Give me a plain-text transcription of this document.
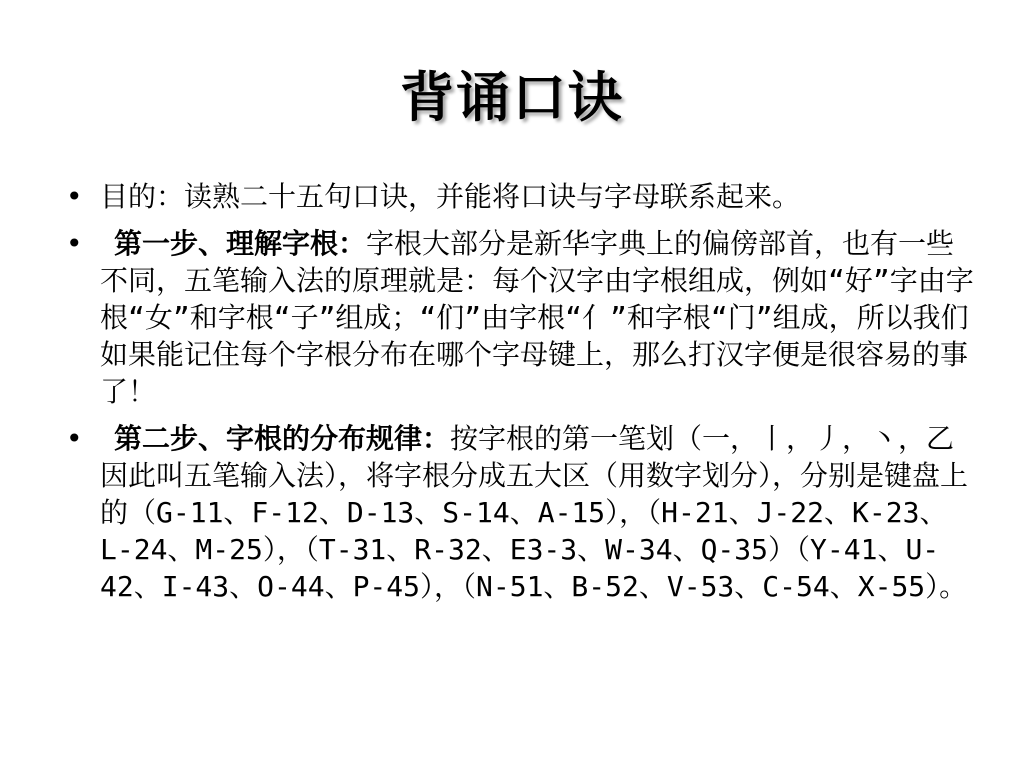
背诵口诀
• 目的：读熟二十五句口诀，并能将口诀与字母联系起来。
• 第一步、理解字根：字根大部分是新华字典上的偏傍部首，也有一些不同，五笔输入法的原理就是：每个汉字由字根组成，例如“好”字由字根“女”和字根“子”组成；“们”由字根“亻”和字根“门”组成，所以我们如果能记住每个字根分布在哪个字母键上，那么打汉字便是很容易的事了！
• 第二步、字根的分布规律：按字根的第一笔划（一，丨，丿，丶，乙 因此叫五笔输入法），将字根分成五大区（用数字划分），分别是键盘上的（G-11、F-12、D-13、S-14、A-15），（H-21、J-22、K-23、L-24、M-25），（T-31、R-32、E3-3、W-34、Q-35）（Y-41、U-42、I-43、O-44、P-45），（N-51、B-52、V-53、C-54、X-55）。
